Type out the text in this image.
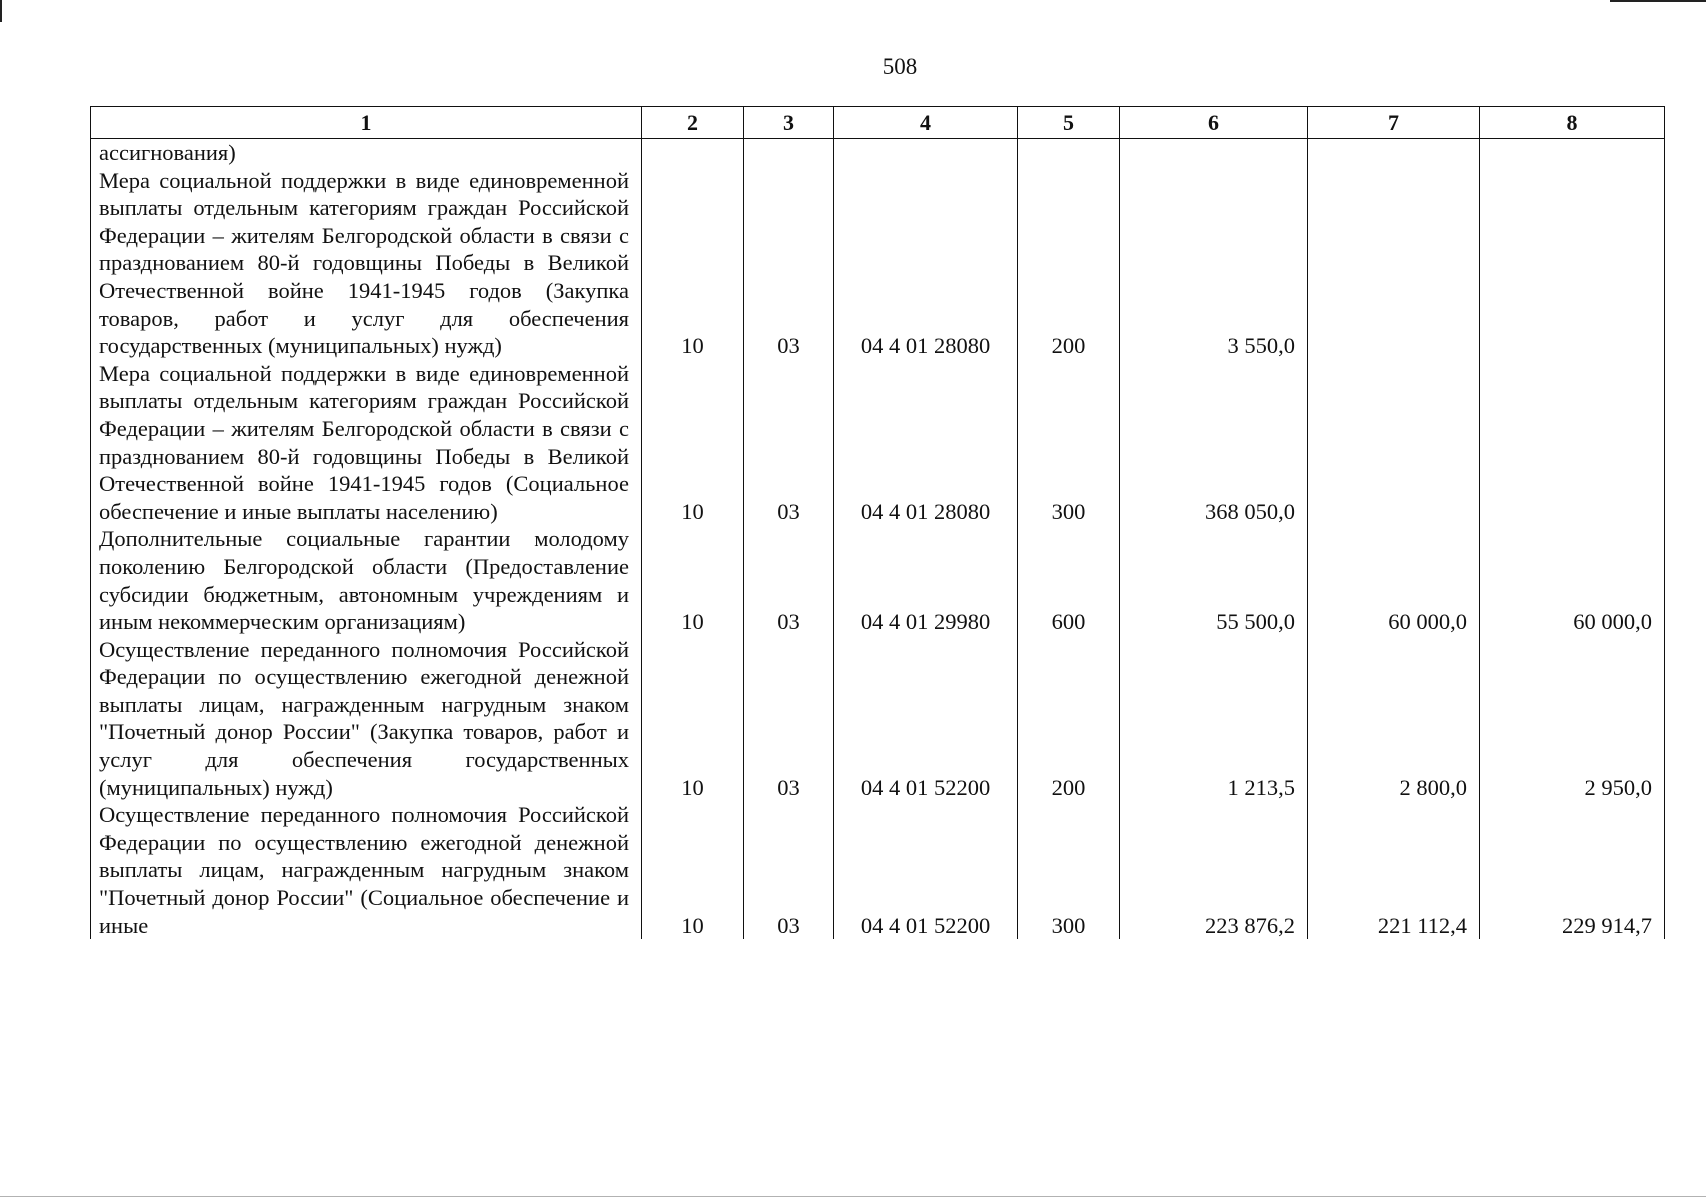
508
1	2	3	4	5	6	7	8
ассигнования)							
Мера социальной поддержки в виде единовременной выплаты отдельным категориям граждан Российской Федерации – жителям Белгородской области в связи с празднованием 80-й годовщины Победы в Великой Отечественной войне 1941-1945 годов (Закупка товаров, работ и услуг для обеспечения государственных (муниципальных) нужд)	10	03	04 4 01 28080	200	3 550,0		
Мера социальной поддержки в виде единовременной выплаты отдельным категориям граждан Российской Федерации – жителям Белгородской области в связи с празднованием 80-й годовщины Победы в Великой Отечественной войне 1941-1945 годов (Социальное обеспечение и иные выплаты населению)	10	03	04 4 01 28080	300	368 050,0		
Дополнительные социальные гарантии молодому поколению Белгородской области (Предоставление субсидии бюджетным, автономным учреждениям и иным некоммерческим организациям)	10	03	04 4 01 29980	600	55 500,0	60 000,0	60 000,0
Осуществление переданного полномочия Российской Федерации по осуществлению ежегодной денежной выплаты лицам, награжденным нагрудным знаком "Почетный донор России" (Закупка товаров, работ и услуг для обеспечения государственных (муниципальных) нужд)	10	03	04 4 01 52200	200	1 213,5	2 800,0	2 950,0
Осуществление переданного полномочия Российской Федерации по осуществлению ежегодной денежной выплаты лицам, награжденным нагрудным знаком "Почетный донор России" (Социальное обеспечение и иные	10	03	04 4 01 52200	300	223 876,2	221 112,4	229 914,7
